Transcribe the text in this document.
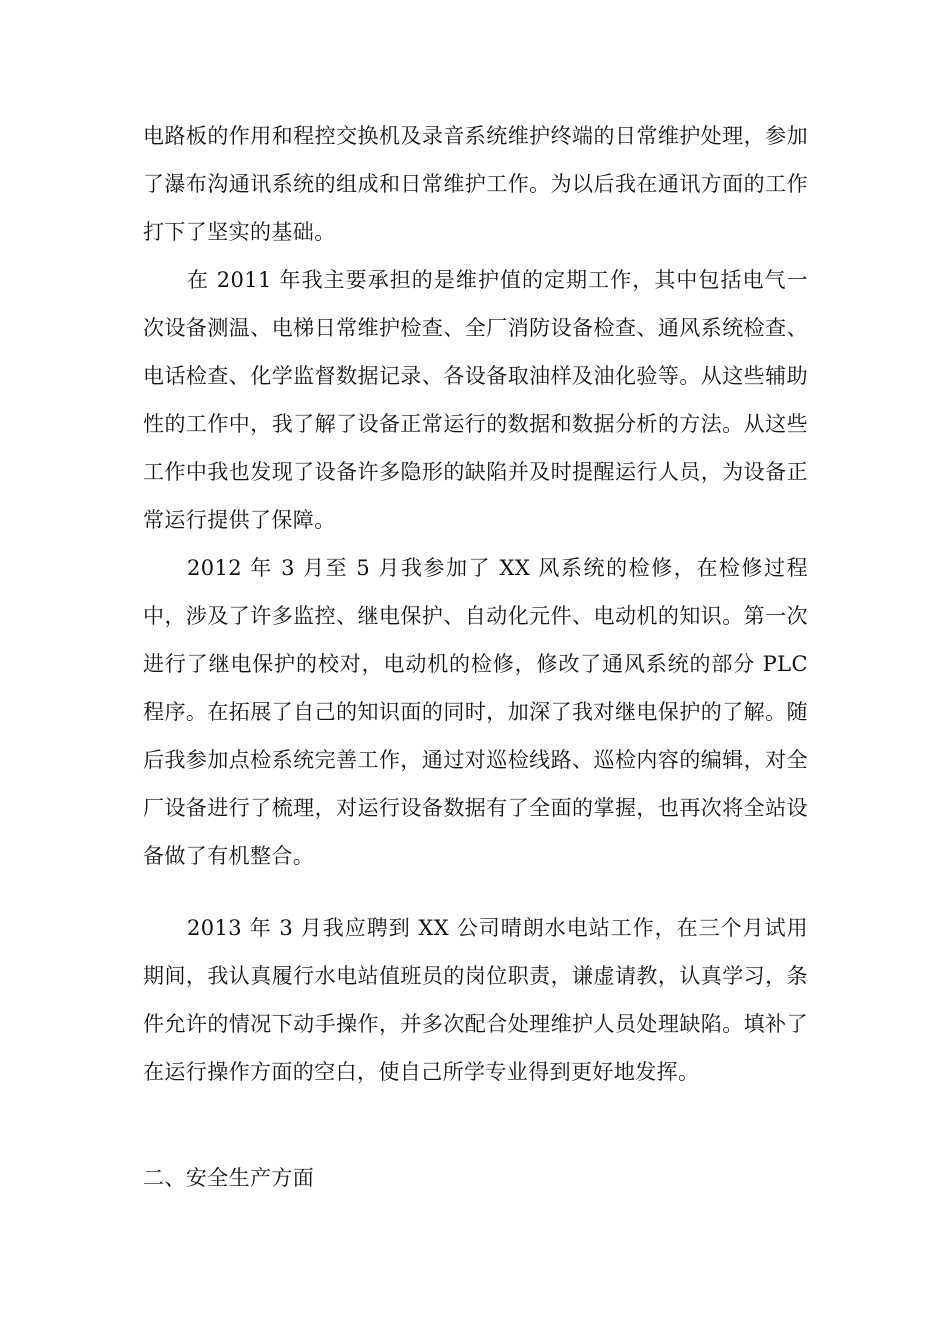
电路板的作用和程控交换机及录音系统维护终端的日常维护处理，参加了瀑布沟通讯系统的组成和日常维护工作。为以后我在通讯方面的工作打下了坚实的基础。

在 2011 年我主要承担的是维护值的定期工作，其中包括电气一次设备测温、电梯日常维护检查、全厂消防设备检查、通风系统检查、电话检查、化学监督数据记录、各设备取油样及油化验等。从这些辅助性的工作中，我了解了设备正常运行的数据和数据分析的方法。从这些工作中我也发现了设备许多隐形的缺陷并及时提醒运行人员，为设备正常运行提供了保障。

2012 年 3 月至 5 月我参加了 XX 风系统的检修，在检修过程中，涉及了许多监控、继电保护、自动化元件、电动机的知识。第一次进行了继电保护的校对，电动机的检修，修改了通风系统的部分 PLC 程序。在拓展了自己的知识面的同时，加深了我对继电保护的了解。随后我参加点检系统完善工作，通过对巡检线路、巡检内容的编辑，对全厂设备进行了梳理，对运行设备数据有了全面的掌握，也再次将全站设备做了有机整合。

2013 年 3 月我应聘到 XX 公司晴朗水电站工作，在三个月试用期间，我认真履行水电站值班员的岗位职责，谦虚请教，认真学习，条件允许的情况下动手操作，并多次配合处理维护人员处理缺陷。填补了在运行操作方面的空白，使自己所学专业得到更好地发挥。

二、安全生产方面
